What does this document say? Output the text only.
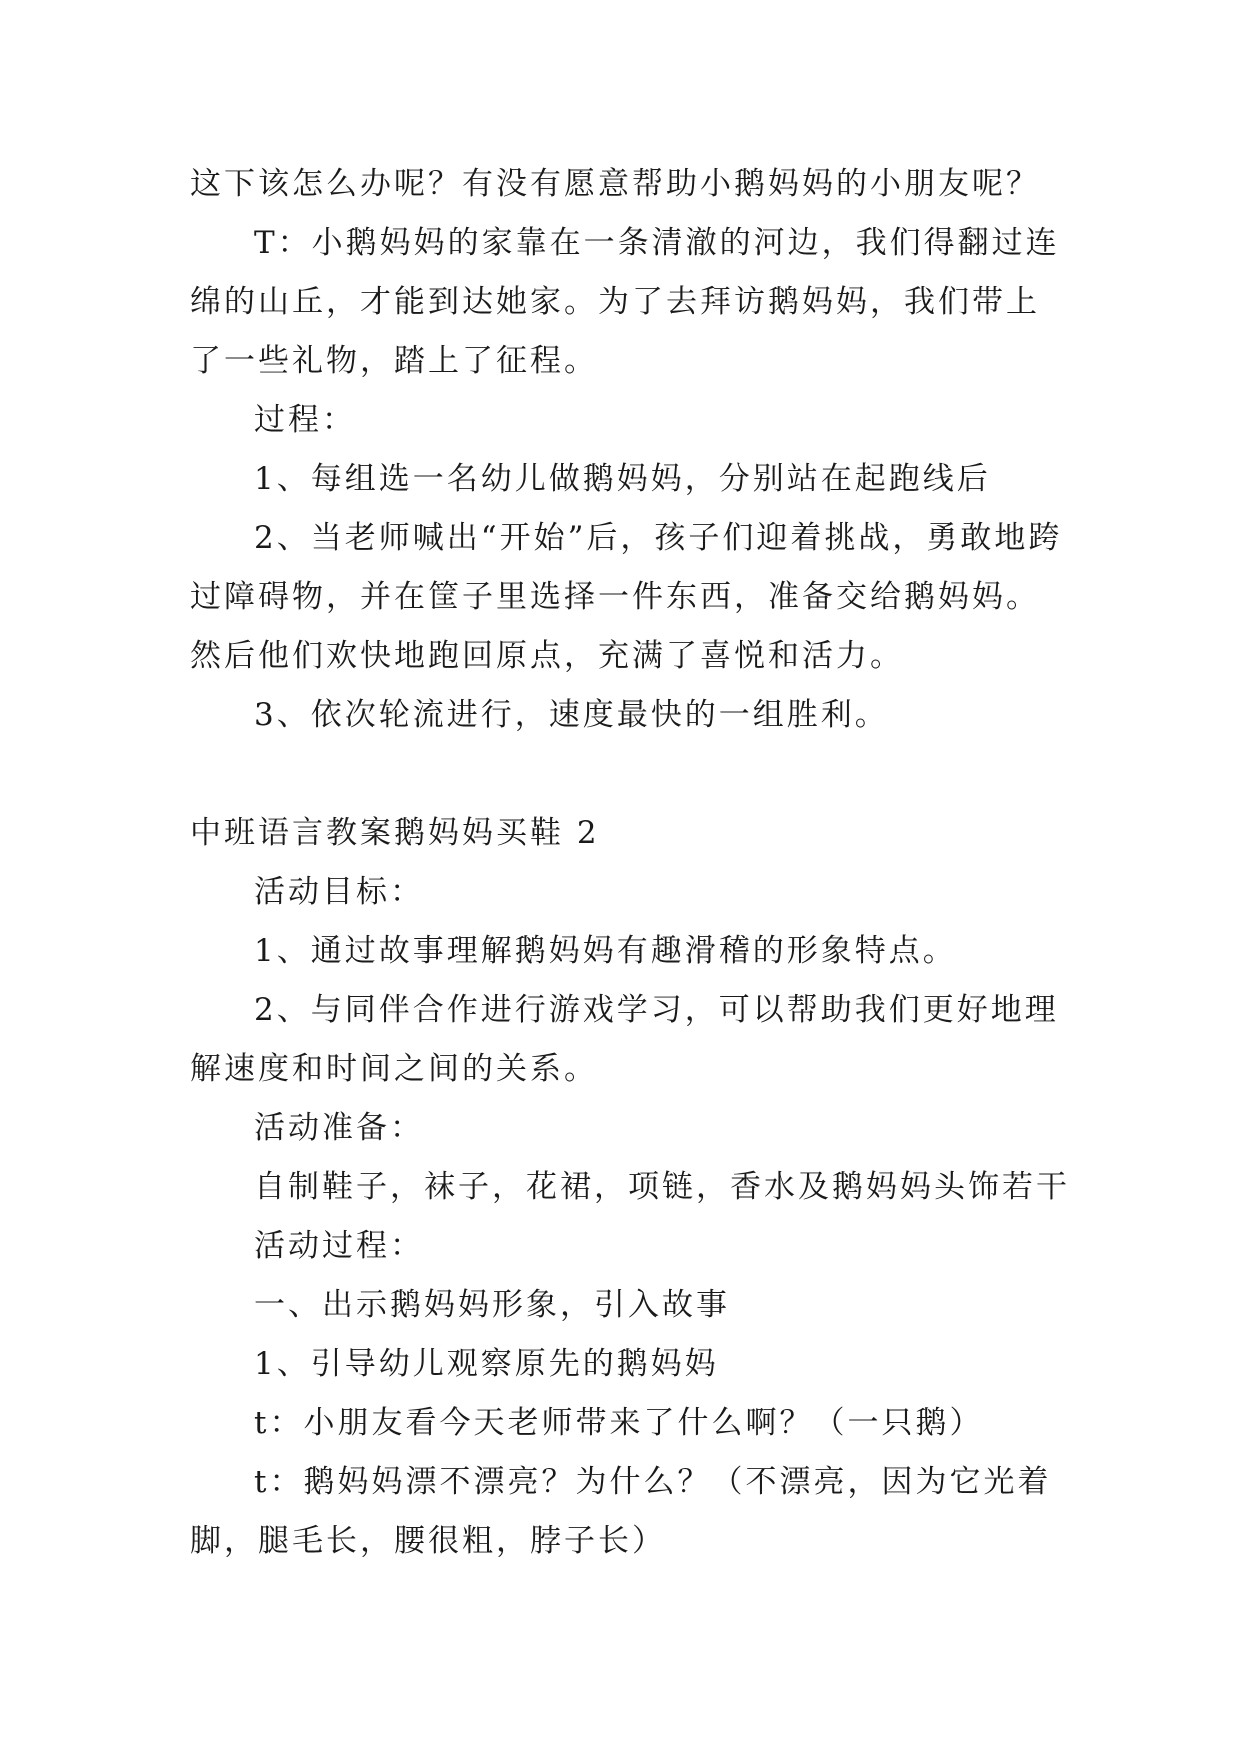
这下该怎么办呢？有没有愿意帮助小鹅妈妈的小朋友呢？

T：小鹅妈妈的家靠在一条清澈的河边，我们得翻过连绵的山丘，才能到达她家。为了去拜访鹅妈妈，我们带上了一些礼物，踏上了征程。

过程：

1、每组选一名幼儿做鹅妈妈，分别站在起跑线后

2、当老师喊出“开始”后，孩子们迎着挑战，勇敢地跨过障碍物，并在筐子里选择一件东西，准备交给鹅妈妈。然后他们欢快地跑回原点，充满了喜悦和活力。

3、依次轮流进行，速度最快的一组胜利。

中班语言教案鹅妈妈买鞋 2

活动目标：

1、通过故事理解鹅妈妈有趣滑稽的形象特点。

2、与同伴合作进行游戏学习，可以帮助我们更好地理解速度和时间之间的关系。

活动准备：

自制鞋子，袜子，花裙，项链，香水及鹅妈妈头饰若干

活动过程：

一、出示鹅妈妈形象，引入故事

1、引导幼儿观察原先的鹅妈妈

t：小朋友看今天老师带来了什么啊？（一只鹅）

t：鹅妈妈漂不漂亮？为什么？（不漂亮，因为它光着脚，腿毛长，腰很粗，脖子长）
